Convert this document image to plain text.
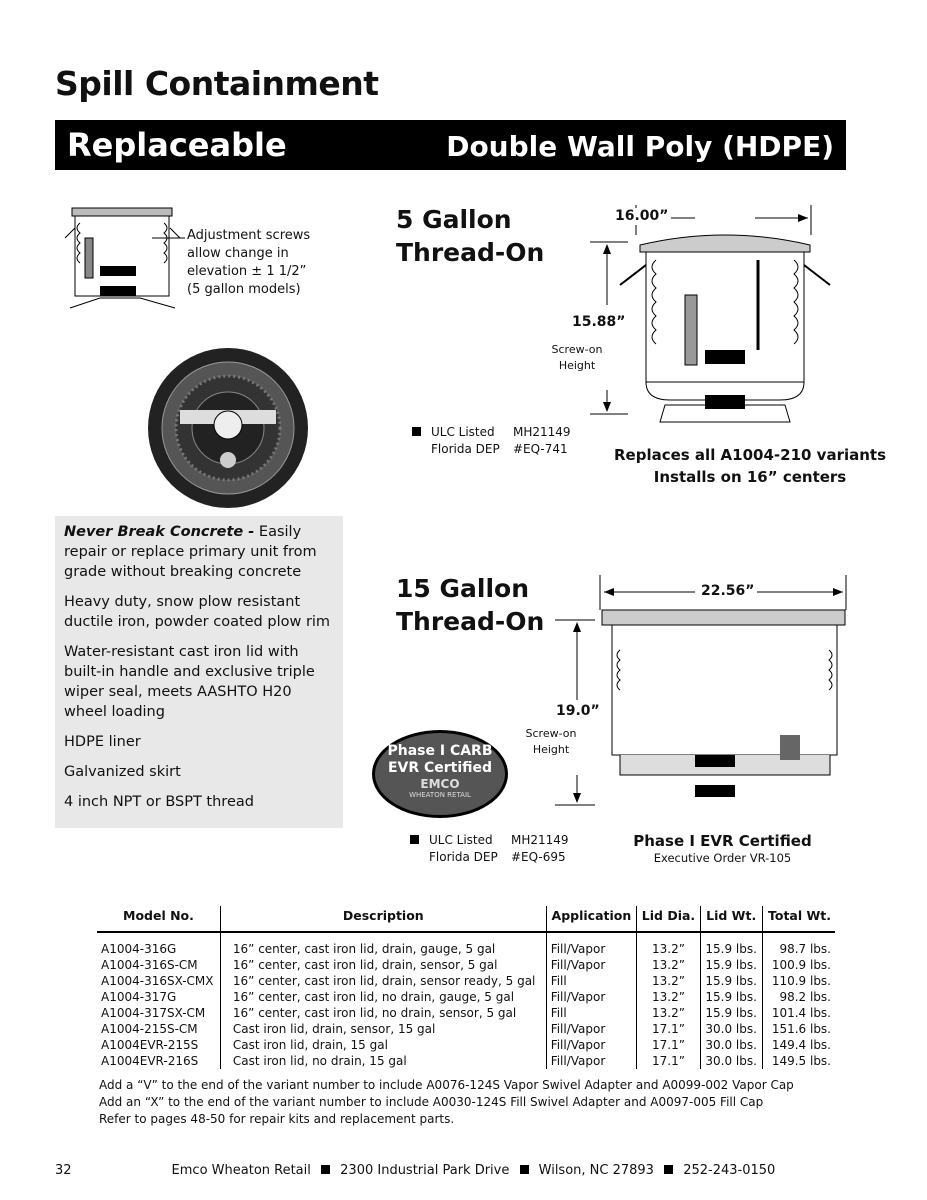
Spill Containment
Replaceable	Double Wall Poly (HDPE)
Adjustment screws
allow change in
elevation ± 1 1/2”
(5 gallon models)
5 Gallon
Thread-On
16.00”
15.88”
Screw-on
Height
ULC Listed MH21149
Florida DEP #EQ-741	Replaces all A1004-210 variants
Installs on 16” centers

Never Break Concrete - Easily repair or replace primary unit from grade without breaking concrete

Heavy duty, snow plow resistant ductile iron, powder coated plow rim

Water-resistant cast iron lid with built-in handle and exclusive triple wiper seal, meets AASHTO H20 wheel loading

HDPE liner

Galvanized skirt

4 inch NPT or BSPT thread

15 Gallon
Thread-On
22.56”
19.0”
Screw-on
Height
Phase I CARB
EVR Certified
EMCO
WHEATON RETAIL
ULC Listed MH21149
Florida DEP #EQ-695
Phase I EVR Certified
Executive Order VR-105
Model No.	Description	Application	Lid Dia.	Lid Wt.	Total Wt.
A1004-316G	16” center, cast iron lid, drain, gauge, 5 gal	Fill/Vapor	13.2”	15.9 lbs.	98.7 lbs.
A1004-316S-CM	16” center, cast iron lid, drain, sensor, 5 gal	Fill/Vapor	13.2”	15.9 lbs.	100.9 lbs.
A1004-316SX-CMX	16” center, cast iron lid, drain, sensor ready, 5 gal	Fill	13.2”	15.9 lbs.	110.9 lbs.
A1004-317G	16” center, cast iron lid, no drain, gauge, 5 gal	Fill/Vapor	13.2”	15.9 lbs.	98.2 lbs.
A1004-317SX-CM	16” center, cast iron lid, no drain, sensor, 5 gal	Fill	13.2”	15.9 lbs.	101.4 lbs.
A1004-215S-CM	Cast iron lid, drain, sensor, 15 gal	Fill/Vapor	17.1”	30.0 lbs.	151.6 lbs.
A1004EVR-215S	Cast iron lid, drain, 15 gal	Fill/Vapor	17.1”	30.0 lbs.	149.4 lbs.
A1004EVR-216S	Cast iron lid, no drain, 15 gal	Fill/Vapor	17.1”	30.0 lbs.	149.5 lbs.
Add a “V” to the end of the variant number to include A0076-124S Vapor Swivel Adapter and A0099-002 Vapor Cap
Add an “X” to the end of the variant number to include A0030-124S Fill Swivel Adapter and A0097-005 Fill Cap
Refer to pages 48-50 for repair kits and replacement parts.
32	Emco Wheaton Retail 2300 Industrial Park Drive Wilson, NC 27893 252-243-0150
